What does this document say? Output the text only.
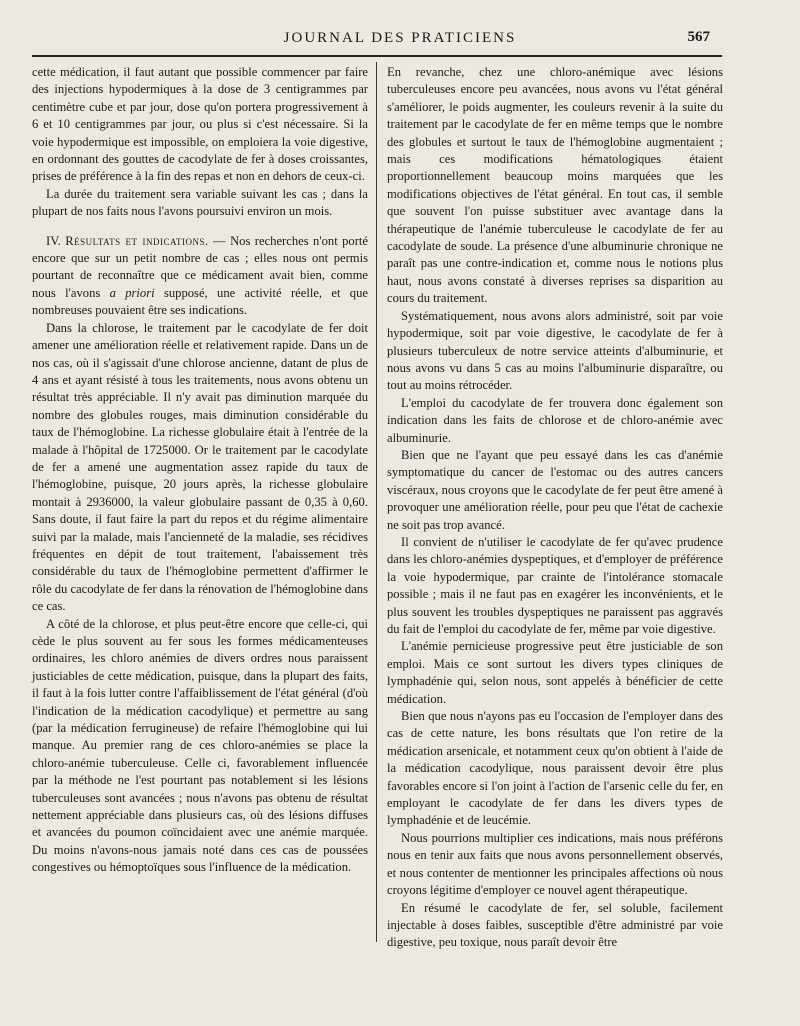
JOURNAL DES PRATICIENS	567

cette médication, il faut autant que possible commencer par faire des injections hypodermiques à la dose de 3 centigrammes par centimètre cube et par jour, dose qu'on portera progressivement à 6 et 10 centigrammes par jour, ou plus si c'est nécessaire. Si la voie hypodermique est impossible, on emploiera la voie digestive, en ordonnant des gouttes de cacodylate de fer à doses croissantes, prises de préférence à la fin des repas et non en dehors de ceux-ci.

La durée du traitement sera variable suivant les cas ; dans la plupart de nos faits nous l'avons poursuivi environ un mois.

IV. Résultats et indications. — Nos recherches n'ont porté encore que sur un petit nombre de cas ; elles nous ont permis pourtant de reconnaître que ce médicament avait bien, comme nous l'avons a priori supposé, une activité réelle, et que nombreuses pouvaient être ses indications.

Dans la chlorose, le traitement par le cacodylate de fer doit amener une amélioration réelle et relativement rapide. Dans un de nos cas, où il s'agissait d'une chlorose ancienne, datant de plus de 4 ans et ayant résisté à tous les traitements, nous avons obtenu un résultat très appréciable. Il n'y avait pas diminution marquée du nombre des globules rouges, mais diminution considérable du taux de l'hémoglobine. La richesse globulaire était à l'entrée de la malade à l'hôpital de 1725000. Or le traitement par le cacodylate de fer a amené une augmentation assez rapide du taux de l'hémoglobine, puisque, 20 jours après, la richesse globulaire montait à 2936000, la valeur globulaire passant de 0,35 à 0,60. Sans doute, il faut faire la part du repos et du régime alimentaire suivi par la malade, mais l'ancienneté de la maladie, ses récidives fréquentes en dépit de tout traitement, l'abaissement très considérable du taux de l'hémoglobine permettent d'affirmer le rôle du cacodylate de fer dans la rénovation de l'hémoglobine dans ce cas.

A côté de la chlorose, et plus peut-être encore que celle-ci, qui cède le plus souvent au fer sous les formes médicamenteuses ordinaires, les chloro anémies de divers ordres nous paraissent justiciables de cette médication, puisque, dans la plupart des faits, il faut à la fois lutter contre l'affaiblissement de l'état général (d'où l'indication de la médication cacodylique) et permettre au sang (par la médication ferrugineuse) de refaire l'hémoglobine qui lui manque. Au premier rang de ces chloro-anémies se place la chloro-anémie tuberculeuse. Celle ci, favorablement influencée par la méthode ne l'est pourtant pas notablement si les lésions tuberculeuses sont avancées ; nous n'avons pas obtenu de résultat nettement appréciable dans plusieurs cas, où des lésions diffuses et avancées du poumon coïncidaient avec une anémie marquée. Du moins n'avons-nous jamais noté dans ces cas de poussées congestives ou hémoptoïques sous l'influence de la médication.

En revanche, chez une chloro-anémique avec lésions tuberculeuses encore peu avancées, nous avons vu l'état général s'améliorer, le poids augmenter, les couleurs revenir à la suite du traitement par le cacodylate de fer en même temps que le nombre des globules et surtout le taux de l'hémoglobine augmentaient ; mais ces modifications hématologiques étaient proportionnellement beaucoup moins marquées que les modifications objectives de l'état général. En tout cas, il semble que souvent l'on puisse substituer avec avantage dans la thérapeutique de l'anémie tuberculeuse le cacodylate de fer au cacodylate de soude. La présence d'une albuminurie chronique ne paraît pas une contre-indication et, comme nous le notions plus haut, nous avons constaté à diverses reprises sa disparition au cours du traitement.

Systématiquement, nous avons alors administré, soit par voie hypodermique, soit par voie digestive, le cacodylate de fer à plusieurs tuberculeux de notre service atteints d'albuminurie, et nous avons vu dans 5 cas au moins l'albuminurie disparaître, ou tout au moins rétrocéder.

L'emploi du cacodylate de fer trouvera donc également son indication dans les faits de chlorose et de chloro-anémie avec albuminurie.

Bien que ne l'ayant que peu essayé dans les cas d'anémie symptomatique du cancer de l'estomac ou des autres cancers viscéraux, nous croyons que le cacodylate de fer peut être amené à provoquer une amélioration réelle, pour peu que l'état de cachexie ne soit pas trop avancé.

Il convient de n'utiliser le cacodylate de fer qu'avec prudence dans les chloro-anémies dyspeptiques, et d'employer de préférence la voie hypodermique, par crainte de l'intolérance stomacale possible ; mais il ne faut pas en exagérer les inconvénients, et le plus souvent les troubles dyspeptiques ne paraissent pas aggravés du fait de l'emploi du cacodylate de fer, même par voie digestive.

L'anémie pernicieuse progressive peut être justiciable de son emploi. Mais ce sont surtout les divers types cliniques de lymphadénie qui, selon nous, sont appelés à bénéficier de cette médication.

Bien que nous n'ayons pas eu l'occasion de l'employer dans des cas de cette nature, les bons résultats que l'on retire de la médication arsenicale, et notamment ceux qu'on obtient à l'aide de la médication cacodylique, nous paraissent devoir être plus favorables encore si l'on joint à l'action de l'arsenic celle du fer, en employant le cacodylate de fer dans les divers types de lymphadénie et de leucémie.

Nous pourrions multiplier ces indications, mais nous préférons nous en tenir aux faits que nous avons personnellement observés, et nous contenter de mentionner les principales affections où nous croyons légitime d'employer ce nouvel agent thérapeutique.

En résumé le cacodylate de fer, sel soluble, facilement injectable à doses faibles, susceptible d'être administré par voie digestive, peu toxique, nous paraît devoir être
